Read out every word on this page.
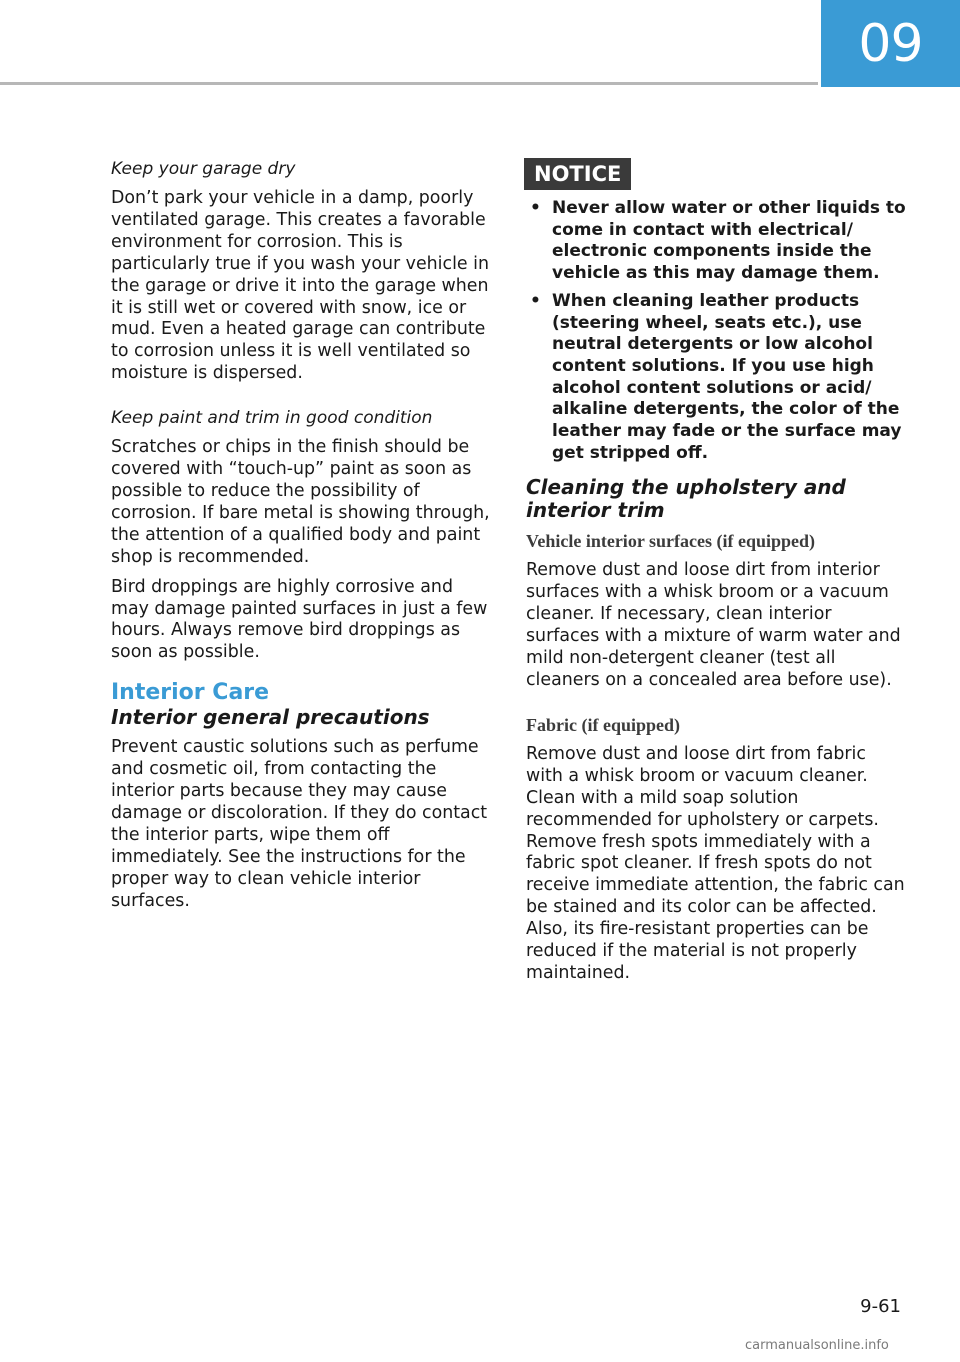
09
Keep your garage dry

Don’t park your vehicle in a damp, poorly ventilated garage. This creates a favorable environment for corrosion. This is particularly true if you wash your vehicle in the garage or drive it into the garage when it is still wet or covered with snow, ice or mud. Even a heated garage can contribute to corrosion unless it is well ventilated so moisture is dispersed.

Keep paint and trim in good condition

Scratches or chips in the finish should be covered with “touch-up” paint as soon as possible to reduce the possibility of corrosion. If bare metal is showing through, the attention of a qualified body and paint shop is recommended.

Bird droppings are highly corrosive and may damage painted surfaces in just a few hours. Always remove bird droppings as soon as possible.

Interior Care
Interior general precautions

Prevent caustic solutions such as perfume and cosmetic oil, from contacting the interior parts because they may cause damage or discoloration. If they do contact the interior parts, wipe them off immediately. See the instructions for the proper way to clean vehicle interior surfaces.

NOTICE
• Never allow water or other liquids to come in contact with electrical/ electronic components inside the vehicle as this may damage them.
• When cleaning leather products (steering wheel, seats etc.), use neutral detergents or low alcohol content solutions. If you use high alcohol content solutions or acid/ alkaline detergents, the color of the leather may fade or the surface may get stripped off.
Cleaning the upholstery and interior trim
Vehicle interior surfaces (if equipped)

Remove dust and loose dirt from interior surfaces with a whisk broom or a vacuum cleaner. If necessary, clean interior surfaces with a mixture of warm water and mild non-detergent cleaner (test all cleaners on a concealed area before use).

Fabric (if equipped)

Remove dust and loose dirt from fabric with a whisk broom or vacuum cleaner. Clean with a mild soap solution recommended for upholstery or carpets. Remove fresh spots immediately with a fabric spot cleaner. If fresh spots do not receive immediate attention, the fabric can be stained and its color can be affected. Also, its fire-resistant properties can be reduced if the material is not properly maintained.

9-61
carmanualsonline.info
